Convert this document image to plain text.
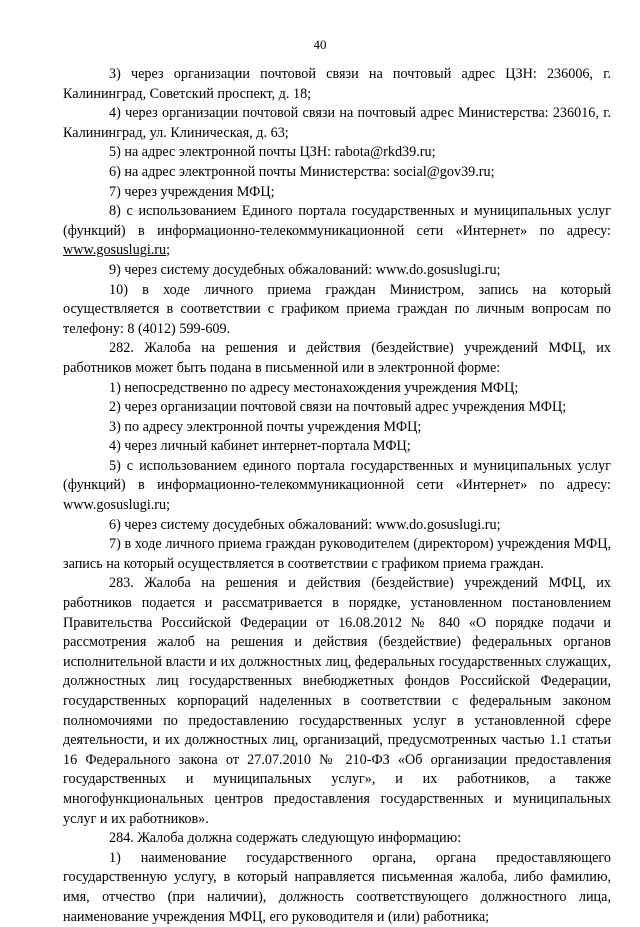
40

3) через организации почтовой связи на почтовый адрес ЦЗН: 236006, г. Калининград, Советский проспект, д. 18;

4) через организации почтовой связи на почтовый адрес Министерства: 236016, г. Калининград, ул. Клиническая, д. 63;

5) на адрес электронной почты ЦЗН: rabota@rkd39.ru;

6) на адрес электронной почты Министерства: social@gov39.ru;

7) через учреждения МФЦ;

8) с использованием Единого портала государственных и муниципальных услуг (функций) в информационно-телекоммуникационной сети «Интернет» по адресу: www.gosuslugi.ru;

9) через систему досудебных обжалований: www.do.gosuslugi.ru;

10) в ходе личного приема граждан Министром, запись на который осуществляется в соответствии с графиком приема граждан по личным вопросам по телефону: 8 (4012) 599-609.

282. Жалоба на решения и действия (бездействие) учреждений МФЦ, их работников может быть подана в письменной или в электронной форме:

1) непосредственно по адресу местонахождения учреждения МФЦ;

2) через организации почтовой связи на почтовый адрес учреждения МФЦ;

3) по адресу электронной почты учреждения МФЦ;

4) через личный кабинет интернет-портала МФЦ;

5) с использованием единого портала государственных и муниципальных услуг (функций) в информационно-телекоммуникационной сети «Интернет» по адресу: www.gosuslugi.ru;

6) через систему досудебных обжалований: www.do.gosuslugi.ru;

7) в ходе личного приема граждан руководителем (директором) учреждения МФЦ, запись на который осуществляется в соответствии с графиком приема граждан.

283. Жалоба на решения и действия (бездействие) учреждений МФЦ, их работников подается и рассматривается в порядке, установленном постановлением Правительства Российской Федерации от 16.08.2012 № 840 «О порядке подачи и рассмотрения жалоб на решения и действия (бездействие) федеральных органов исполнительной власти и их должностных лиц, федеральных государственных служащих, должностных лиц государственных внебюджетных фондов Российской Федерации, государственных корпораций наделенных в соответствии с федеральным законом полномочиями по предоставлению государственных услуг в установленной сфере деятельности, и их должностных лиц, организаций, предусмотренных частью 1.1 статьи 16 Федерального закона от 27.07.2010 № 210-ФЗ «Об организации предоставления государственных и муниципальных услуг», и их работников, а также многофункциональных центров предоставления государственных и муниципальных услуг и их работников».

284. Жалоба должна содержать следующую информацию:

1) наименование государственного органа, органа предоставляющего государственную услугу, в который направляется письменная жалоба, либо фамилию, имя, отчество (при наличии), должность соответствующего должностного лица, наименование учреждения МФЦ, его руководителя и (или) работника;
